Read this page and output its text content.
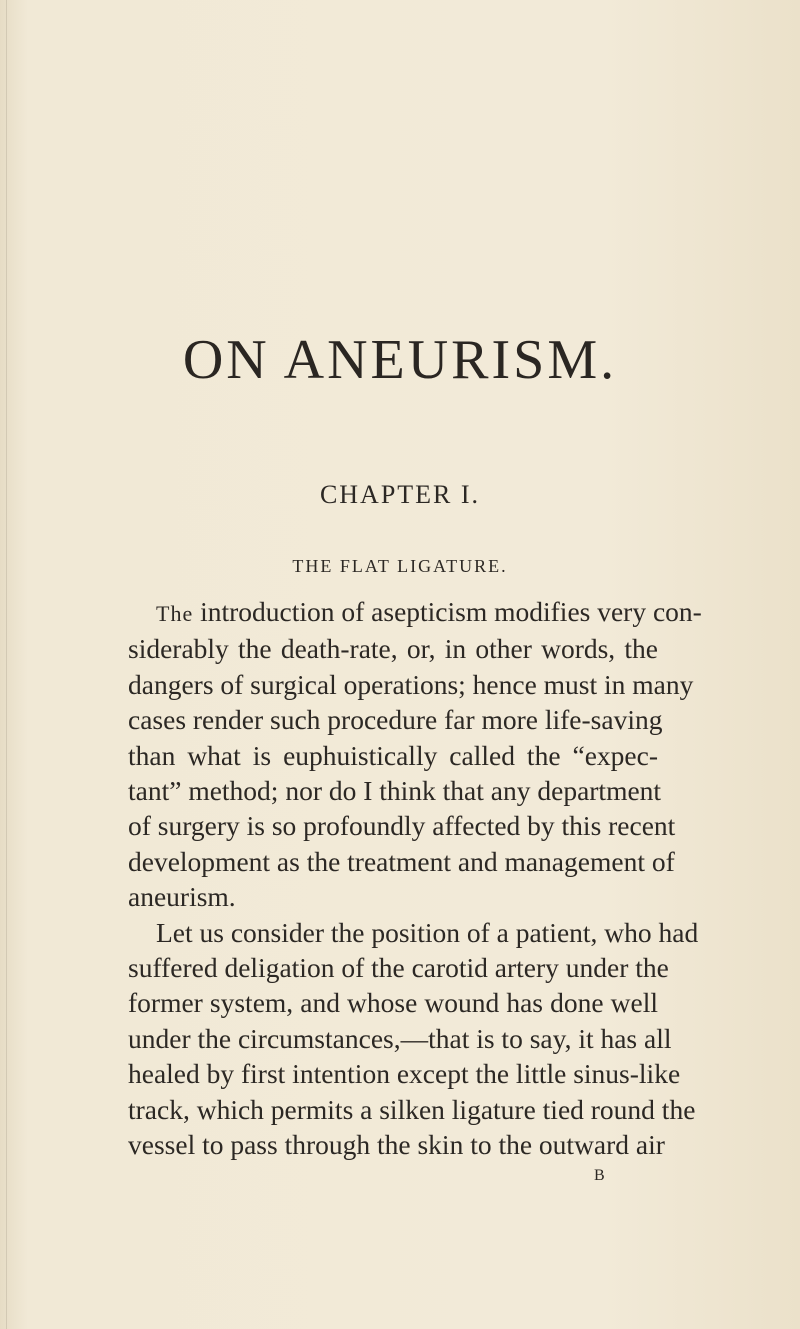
ON ANEURISM.
CHAPTER I.
THE FLAT LIGATURE.
The introduction of asepticism modifies very con-
siderably the death-rate, or, in other words, the
dangers of surgical operations; hence must in many
cases render such procedure far more life-saving
than what is euphuistically called the “expec-
tant” method; nor do I think that any department
of surgery is so profoundly affected by this recent
development as the treatment and management of
aneurism.
Let us consider the position of a patient, who had
suffered deligation of the carotid artery under the
former system, and whose wound has done well
under the circumstances,—that is to say, it has all
healed by first intention except the little sinus-like
track, which permits a silken ligature tied round the
vessel to pass through the skin to the outward air

B
